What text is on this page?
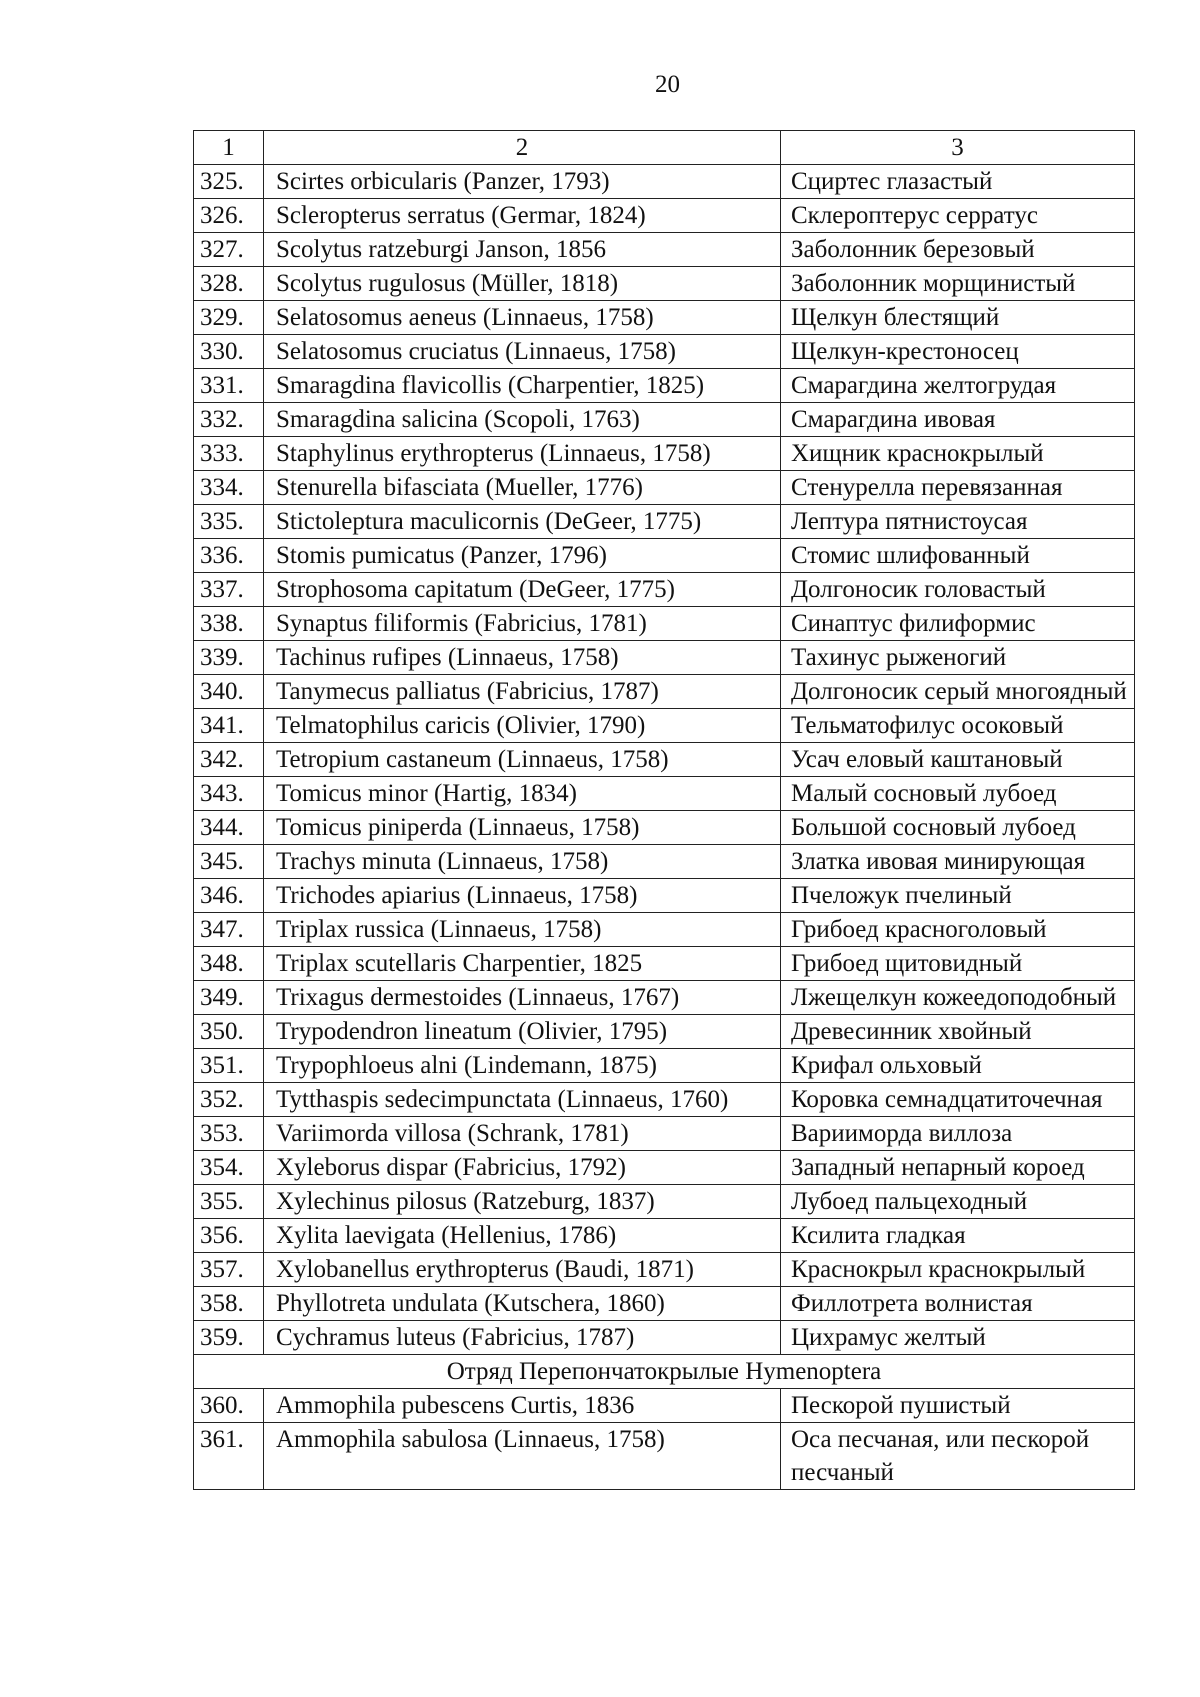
20
1	2	3
325.	Scirtes orbicularis (Panzer, 1793)	Сциртес глазастый
326.	Scleropterus serratus (Germar, 1824)	Склероптерус серратус
327.	Scolytus ratzeburgi Janson, 1856	Заболонник березовый
328.	Scolytus rugulosus (Müller, 1818)	Заболонник морщинистый
329.	Selatosomus aeneus (Linnaeus, 1758)	Щелкун блестящий
330.	Selatosomus cruciatus (Linnaeus, 1758)	Щелкун-крестоносец
331.	Smaragdina flavicollis (Charpentier, 1825)	Смарагдина желтогрудая
332.	Smaragdina salicina (Scopoli, 1763)	Смарагдина ивовая
333.	Staphylinus erythropterus (Linnaeus, 1758)	Хищник краснокрылый
334.	Stenurella bifasciata (Mueller, 1776)	Стенурелла перевязанная
335.	Stictoleptura maculicornis (DeGeer, 1775)	Лептура пятнистоусая
336.	Stomis pumicatus (Panzer, 1796)	Стомис шлифованный
337.	Strophosoma capitatum (DeGeer, 1775)	Долгоносик головастый
338.	Synaptus filiformis (Fabricius, 1781)	Синаптус филиформис
339.	Tachinus rufipes (Linnaeus, 1758)	Тахинус рыженогий
340.	Tanymecus palliatus (Fabricius, 1787)	Долгоносик серый многоядный
341.	Telmatophilus caricis (Olivier, 1790)	Тельматофилус осоковый
342.	Tetropium castaneum (Linnaeus, 1758)	Усач еловый каштановый
343.	Tomicus minor (Hartig, 1834)	Малый сосновый лубоед
344.	Tomicus piniperda (Linnaeus, 1758)	Большой сосновый лубоед
345.	Trachys minuta (Linnaeus, 1758)	Златка ивовая минирующая
346.	Trichodes apiarius (Linnaeus, 1758)	Пчеложук пчелиный
347.	Triplax russica (Linnaeus, 1758)	Грибоед красноголовый
348.	Triplax scutellaris Charpentier, 1825	Грибоед щитовидный
349.	Trixagus dermestoides (Linnaeus, 1767)	Лжещелкун кожеедоподобный
350.	Trypodendron lineatum (Olivier, 1795)	Древесинник хвойный
351.	Trypophloeus alni (Lindemann, 1875)	Крифал ольховый
352.	Tytthaspis sedecimpunctata (Linnaeus, 1760)	Коровка семнадцатиточечная
353.	Variimorda villosa (Schrank, 1781)	Вариимордa виллоза
354.	Xyleborus dispar (Fabricius, 1792)	Западный непарный короед
355.	Xylechinus pilosus (Ratzeburg, 1837)	Лубоед пальцеходный
356.	Xylita laevigata (Hellenius, 1786)	Ксилита гладкая
357.	Xylobanellus erythropterus (Baudi, 1871)	Краснокрыл краснокрылый
358.	Phyllotreta undulata (Kutschera, 1860)	Филлотрета волнистая
359.	Cychramus luteus (Fabricius, 1787)	Цихрамус желтый
Отряд Перепончатокрылые Hymenoptera		
360.	Ammophila pubescens Curtis, 1836	Пескорой пушистый
361.	Ammophila sabulosa (Linnaeus, 1758)	Оса песчаная, или пескорой песчаный
